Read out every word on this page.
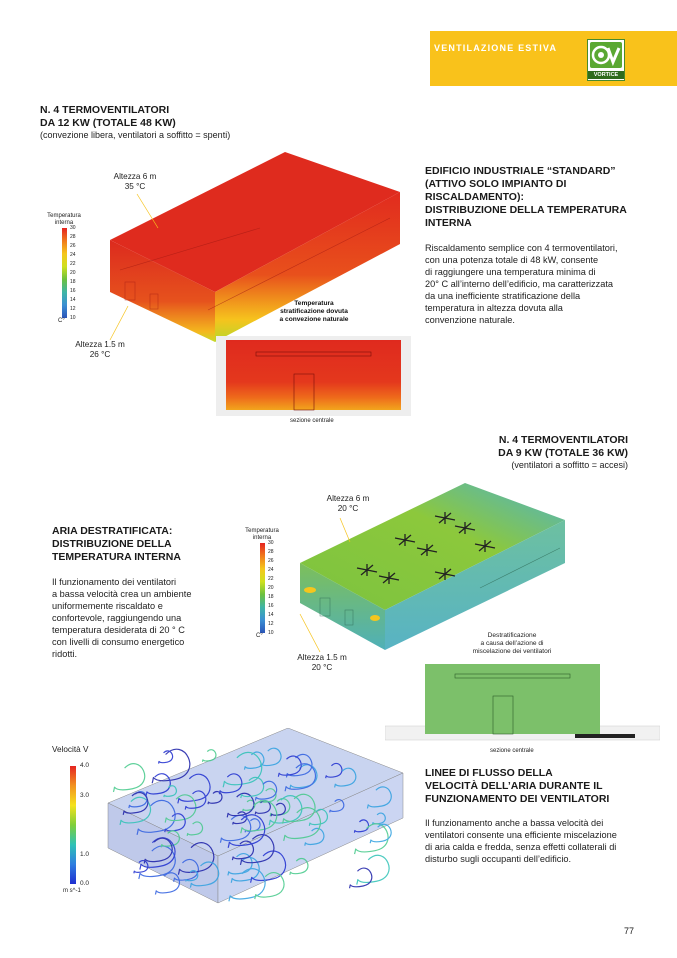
VENTILAZIONE ESTIVA
VORTICE
N. 4 TERMOVENTILATORI
DA 12 KW (TOTALE 48 KW)
(convezione libera, ventilatori a soffitto = spenti)
Temperatura
interna
30
28
26
24
22
20
18
16
14
12
10
C°
Altezza 6 m
35 °C
Altezza 1.5 m
26 °C
Temperatura
stratificazione dovuta
a convezione naturale
sezione centrale
EDIFICIO INDUSTRIALE “STANDARD”
(ATTIVO SOLO IMPIANTO DI
RISCALDAMENTO):
DISTRIBUZIONE DELLA TEMPERATURA
INTERNA

Riscaldamento semplice con 4 termoventilatori,

con una potenza totale di 48 kW, consente

di raggiungere una temperatura minima di

20° C all’interno dell’edificio, ma caratterizzata

da una inefficiente stratificazione della

temperatura in altezza dovuta alla

convenzione naturale.

N. 4 TERMOVENTILATORI
DA 9 KW (TOTALE 36 KW)
(ventilatori a soffitto = accesi)
ARIA DESTRATIFICATA:
DISTRIBUZIONE DELLA
TEMPERATURA INTERNA

Il funzionamento dei ventilatori

a bassa velocità crea un ambiente

uniformemente riscaldato e

confortevole, raggiungendo una

temperatura desiderata di 20 ° C

con livelli di consumo energetico

ridotti.

Temperatura
interna
30
28
26
24
22
20
18
16
14
12
10
C°
Altezza 6 m
20 °C
Altezza 1.5 m
20 °C
Destratificazione
a causa dell’azione di
miscelazione dei ventilatori
sezione centrale
Velocità V
4.0
3.0
1.0
0.0
m s^-1
LINEE DI FLUSSO DELLA
VELOCITÀ DELL’ARIA DURANTE IL
FUNZIONAMENTO DEI VENTILATORI

Il funzionamento anche a bassa velocità dei

ventilatori consente una efficiente miscelazione

di aria calda e fredda, senza effetti collaterali di

disturbo sugli occupanti dell’edificio.

77
